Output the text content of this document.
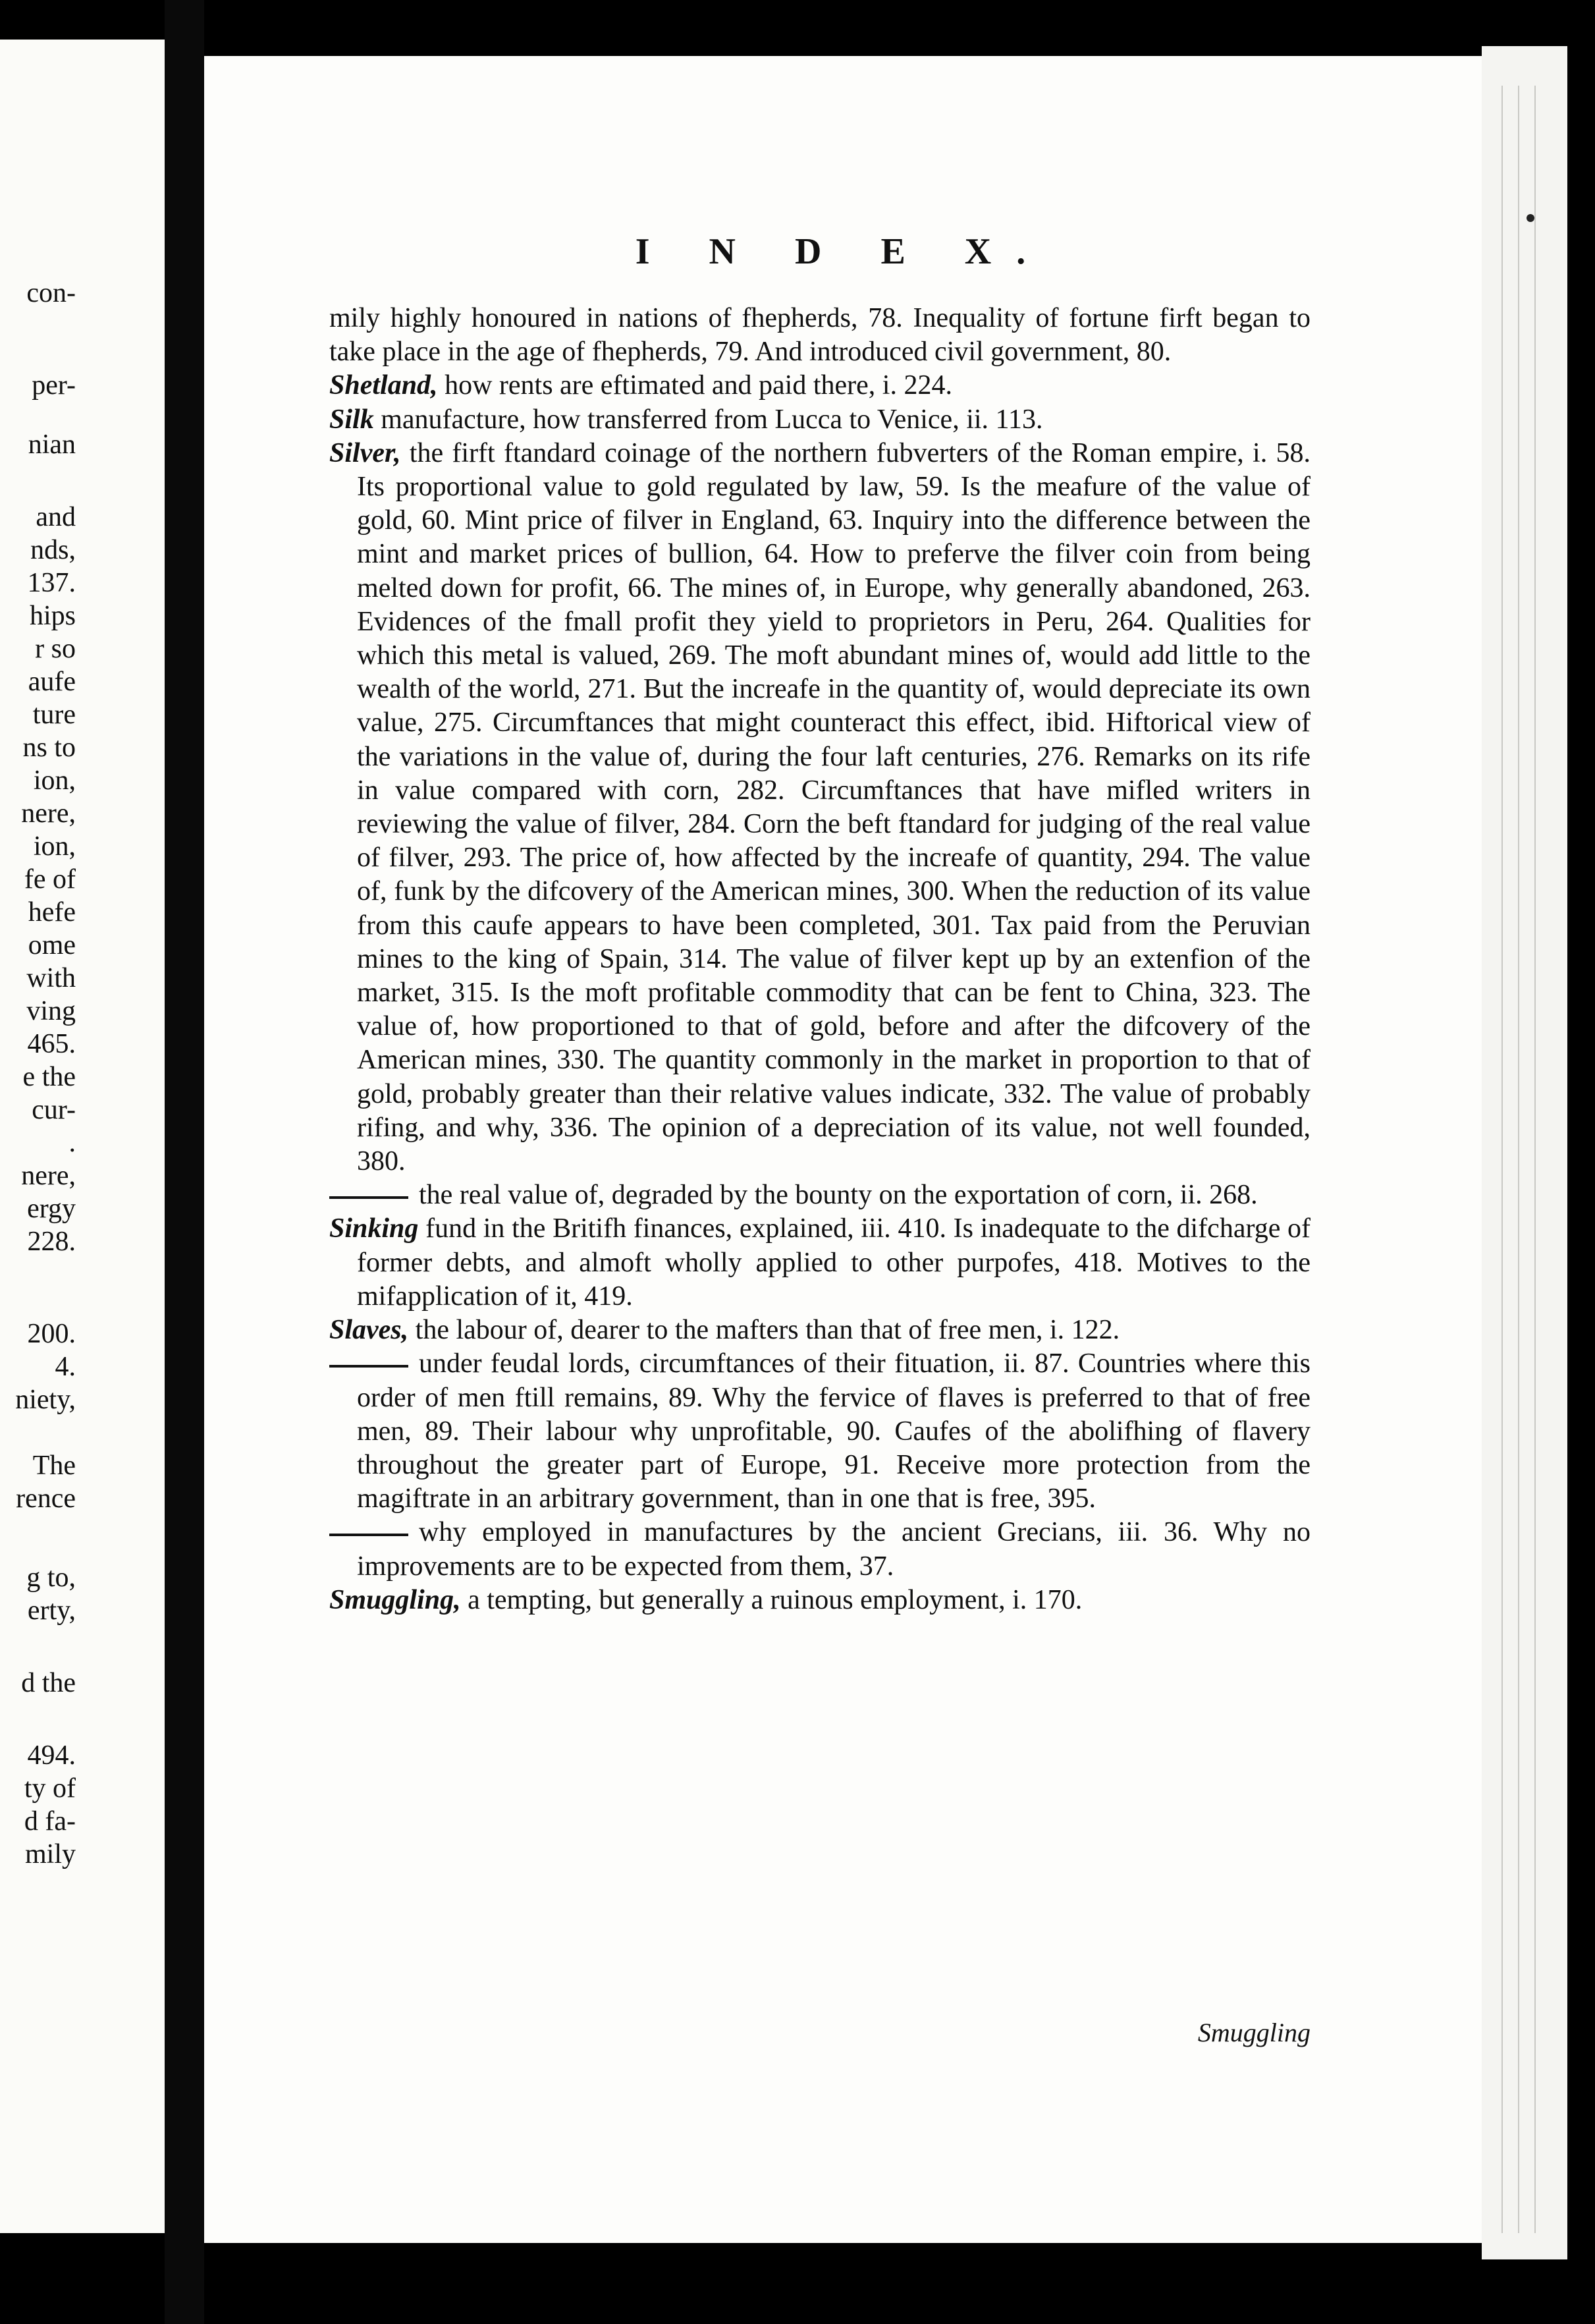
con-
per-
nian
and
nds,
137.
hips
r so
aufe
ture
ns to
ion,
nere,
ion,
fe of
hefe
ome
with
ving
465.
e the
cur-
.
nere,
ergy
228.
200.
4.
niety,
The
rence
g to,
erty,
d the
494.
ty of
d fa-
mily
I N D E X.

mily highly honoured in nations of fhepherds, 78. Inequality of fortune firft began to take place in the age of fhepherds, 79. And introduced civil government, 80.

Shetland, how rents are eftimated and paid there, i. 224.

Silk manufacture, how transferred from Lucca to Venice, ii. 113.

Silver, the firft ftandard coinage of the northern fubverters of the Roman empire, i. 58. Its proportional value to gold regulated by law, 59. Is the meafure of the value of gold, 60. Mint price of filver in England, 63. Inquiry into the difference between the mint and market prices of bullion, 64. How to preferve the filver coin from being melted down for profit, 66. The mines of, in Europe, why generally abandoned, 263. Evidences of the fmall profit they yield to proprietors in Peru, 264. Qualities for which this metal is valued, 269. The moft abundant mines of, would add little to the wealth of the world, 271. But the increafe in the quantity of, would depreciate its own value, 275. Circumftances that might counteract this effect, ibid. Hiftorical view of the variations in the value of, during the four laft centuries, 276. Remarks on its rife in value compared with corn, 282. Circumftances that have mifled writers in reviewing the value of filver, 284. Corn the beft ftandard for judging of the real value of filver, 293. The price of, how affected by the increafe of quantity, 294. The value of, funk by the difcovery of the American mines, 300. When the reduction of its value from this caufe appears to have been completed, 301. Tax paid from the Peruvian mines to the king of Spain, 314. The value of filver kept up by an extenfion of the market, 315. Is the moft profitable commodity that can be fent to China, 323. The value of, how proportioned to that of gold, before and after the difcovery of the American mines, 330. The quantity commonly in the market in proportion to that of gold, probably greater than their relative values indicate, 332. The value of probably rifing, and why, 336. The opinion of a depreciation of its value, not well founded, 380.

the real value of, degraded by the bounty on the exportation of corn, ii. 268.

Sinking fund in the Britifh finances, explained, iii. 410. Is inadequate to the difcharge of former debts, and almoft wholly applied to other purpofes, 418. Motives to the mifapplication of it, 419.

Slaves, the labour of, dearer to the mafters than that of free men, i. 122.

under feudal lords, circumftances of their fituation, ii. 87. Countries where this order of men ftill remains, 89. Why the fervice of flaves is preferred to that of free men, 89. Their labour why unprofitable, 90. Caufes of the abolifhing of flavery throughout the greater part of Europe, 91. Receive more protection from the magiftrate in an arbitrary government, than in one that is free, 395.

why employed in manufactures by the ancient Grecians, iii. 36. Why no improvements are to be expected from them, 37.

Smuggling, a tempting, but generally a ruinous employment, i. 170.

Smuggling
